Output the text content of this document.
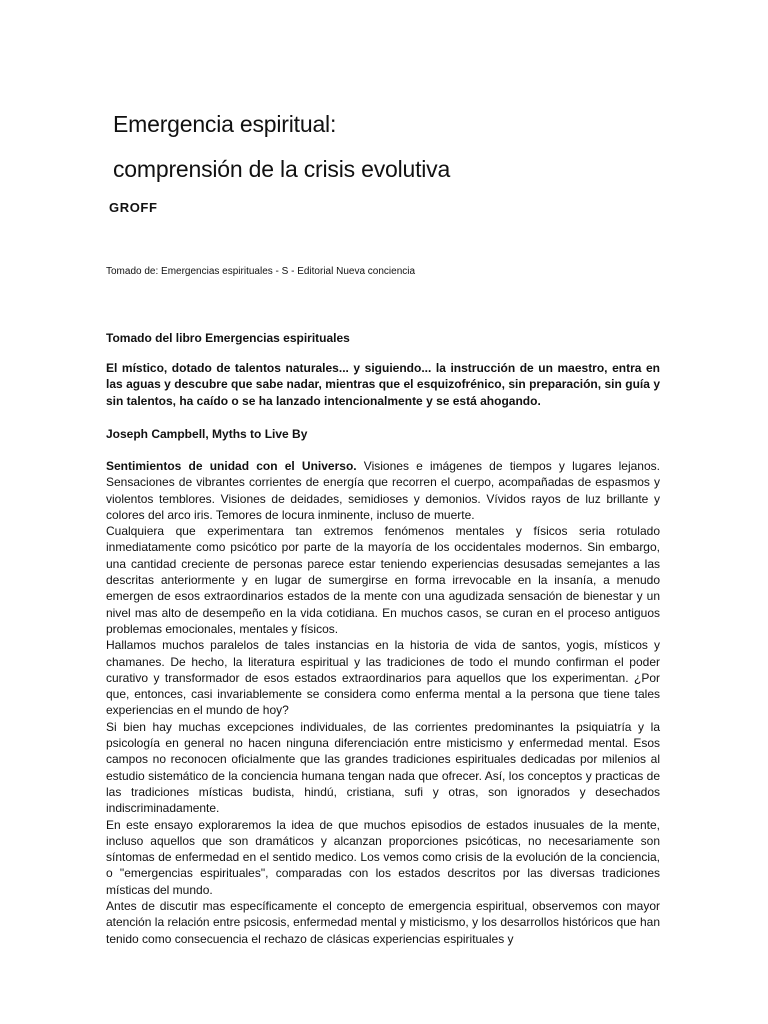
Emergencia espiritual:
comprensión de la crisis evolutiva
GROFF
Tomado de: Emergencias espirituales - S - Editorial Nueva conciencia
Tomado del libro Emergencias espirituales
El místico, dotado de talentos naturales... y siguiendo... la instrucción de un maestro, entra en las aguas y descubre que sabe nadar, mientras que el esquizofrénico, sin preparación, sin guía y sin talentos, ha caído o se ha lanzado intencionalmente y se está ahogando.
Joseph Campbell, Myths to Live By

Sentimientos de unidad con el Universo. Visiones e imágenes de tiempos y lugares lejanos. Sensaciones de vibrantes corrientes de energía que recorren el cuerpo, acompañadas de espasmos y violentos temblores. Visiones de deidades, semidioses y demonios. Vívidos rayos de luz brillante y colores del arco iris. Temores de locura inminente, incluso de muerte.

Cualquiera que experimentara tan extremos fenómenos mentales y físicos seria rotulado inmediatamente como psicótico por parte de la mayoría de los occidentales modernos. Sin embargo, una cantidad creciente de personas parece estar teniendo experiencias desusadas semejantes a las descritas anteriormente y en lugar de sumergirse en forma irrevocable en la insanía, a menudo emergen de esos extraordinarios estados de la mente con una agudizada sensación de bienestar y un nivel mas alto de desempeño en la vida cotidiana. En muchos casos, se curan en el proceso antiguos problemas emocionales, mentales y físicos.

Hallamos muchos paralelos de tales instancias en la historia de vida de santos, yogis, místicos y chamanes. De hecho, la literatura espiritual y las tradiciones de todo el mundo confirman el poder curativo y transformador de esos estados extraordinarios para aquellos que los experimentan. ¿Por que, entonces, casi invariablemente se considera como enferma mental a la persona que tiene tales experiencias en el mundo de hoy?

Si bien hay muchas excepciones individuales, de las corrientes predominantes la psiquiatría y la psicología en general no hacen ninguna diferenciación entre misticismo y enfermedad mental. Esos campos no reconocen oficialmente que las grandes tradiciones espirituales dedicadas por milenios al estudio sistemático de la conciencia humana tengan nada que ofrecer. Así, los conceptos y practicas de las tradiciones místicas budista, hindú, cristiana, sufi y otras, son ignorados y desechados indiscriminadamente.

En este ensayo exploraremos la idea de que muchos episodios de estados inusuales de la mente, incluso aquellos que son dramáticos y alcanzan proporciones psicóticas, no necesariamente son síntomas de enfermedad en el sentido medico. Los vemos como crisis de la evolución de la conciencia, o "emergencias espirituales", comparadas con los estados descritos por las diversas tradiciones místicas del mundo.

Antes de discutir mas específicamente el concepto de emergencia espiritual, observemos con mayor atención la relación entre psicosis, enfermedad mental y misticismo, y los desarrollos históricos que han tenido como consecuencia el rechazo de clásicas experiencias espirituales y
